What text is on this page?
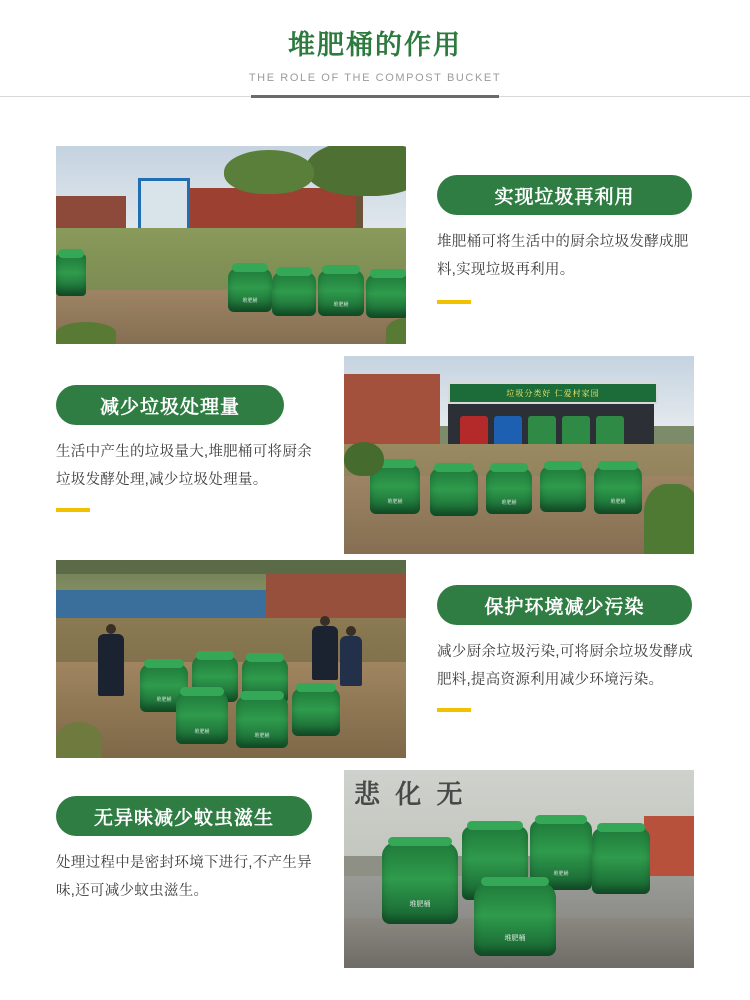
堆肥桶的作用
THE ROLE OF THE COMPOST BUCKET
堆肥桶
堆肥桶
实现垃圾再利用
堆肥桶可将生活中的厨余垃圾发酵成肥料,实现垃圾再利用。
垃圾分类好 仁爱村家园
堆肥桶	堆肥桶	堆肥桶
减少垃圾处理量
生活中产生的垃圾量大,堆肥桶可将厨余垃圾发酵处理,减少垃圾处理量。
堆肥桶
堆肥桶
堆肥桶
保护环境减少污染
减少厨余垃圾污染,可将厨余垃圾发酵成肥料,提高资源利用减少环境污染。
悲 化 无
堆肥桶
堆肥桶
堆肥桶
无异味减少蚊虫滋生
处理过程中是密封环境下进行,不产生异味,还可减少蚊虫滋生。
